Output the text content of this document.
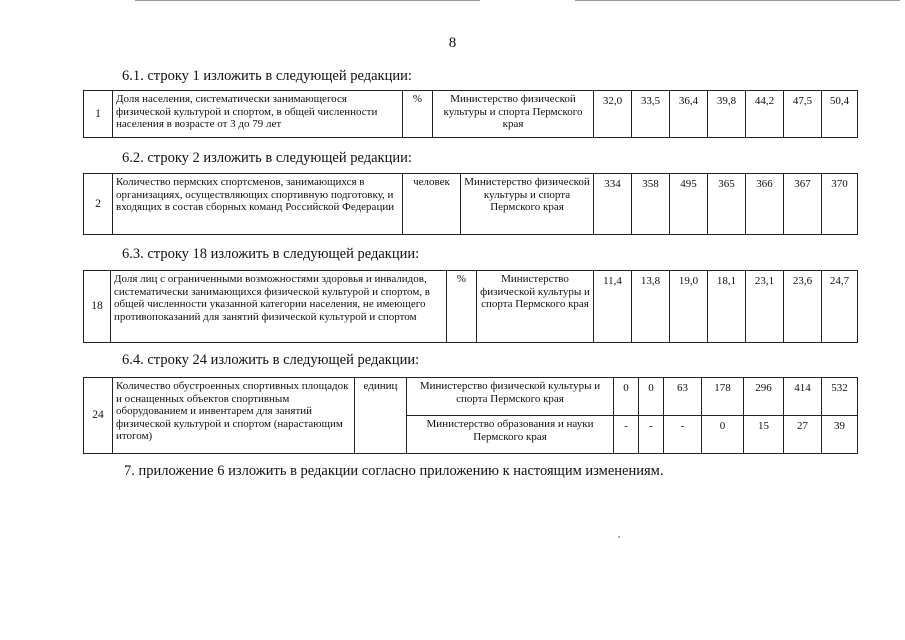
8
6.1. строку 1 изложить в следующей редакции:
1	Доля населения, систематически занимающегося физической культурой и спортом, в общей численности населения в возрасте от 3 до 79 лет	%	Министерство физической культуры и спорта Пермского края	32,0	33,5	36,4	39,8	44,2	47,5	50,4
6.2. строку 2 изложить в следующей редакции:
2	Количество пермских спортсменов, занимающихся в организациях, осуществляющих спортивную подготовку, и входящих в состав сборных команд Российской Федерации	человек	Министерство физической культуры и спорта Пермского края	334	358	495	365	366	367	370
6.3. строку 18 изложить в следующей редакции:
18	Доля лиц с ограниченными возможностями здоровья и инвалидов, систематически занимающихся физической культурой и спортом, в общей численности указанной категории населения, не имеющего противопоказаний для занятий физической культурой и спортом	%	Министерство физической культуры и спорта Пермского края	11,4	13,8	19,0	18,1	23,1	23,6	24,7
6.4. строку 24 изложить в следующей редакции:
24	Количество обустроенных спортивных площадок и оснащенных объектов спортивным оборудованием и инвентарем для занятий физической культурой и спортом (нарастающим итогом)	единиц	Министерство физической культуры и спорта Пермского края	0	0	63	178	296	414	532
			Министерство образования и науки Пермского края	-	-	-	0	15	27	39
7. приложение 6 изложить в редакции согласно приложению к настоящим изменениям.
